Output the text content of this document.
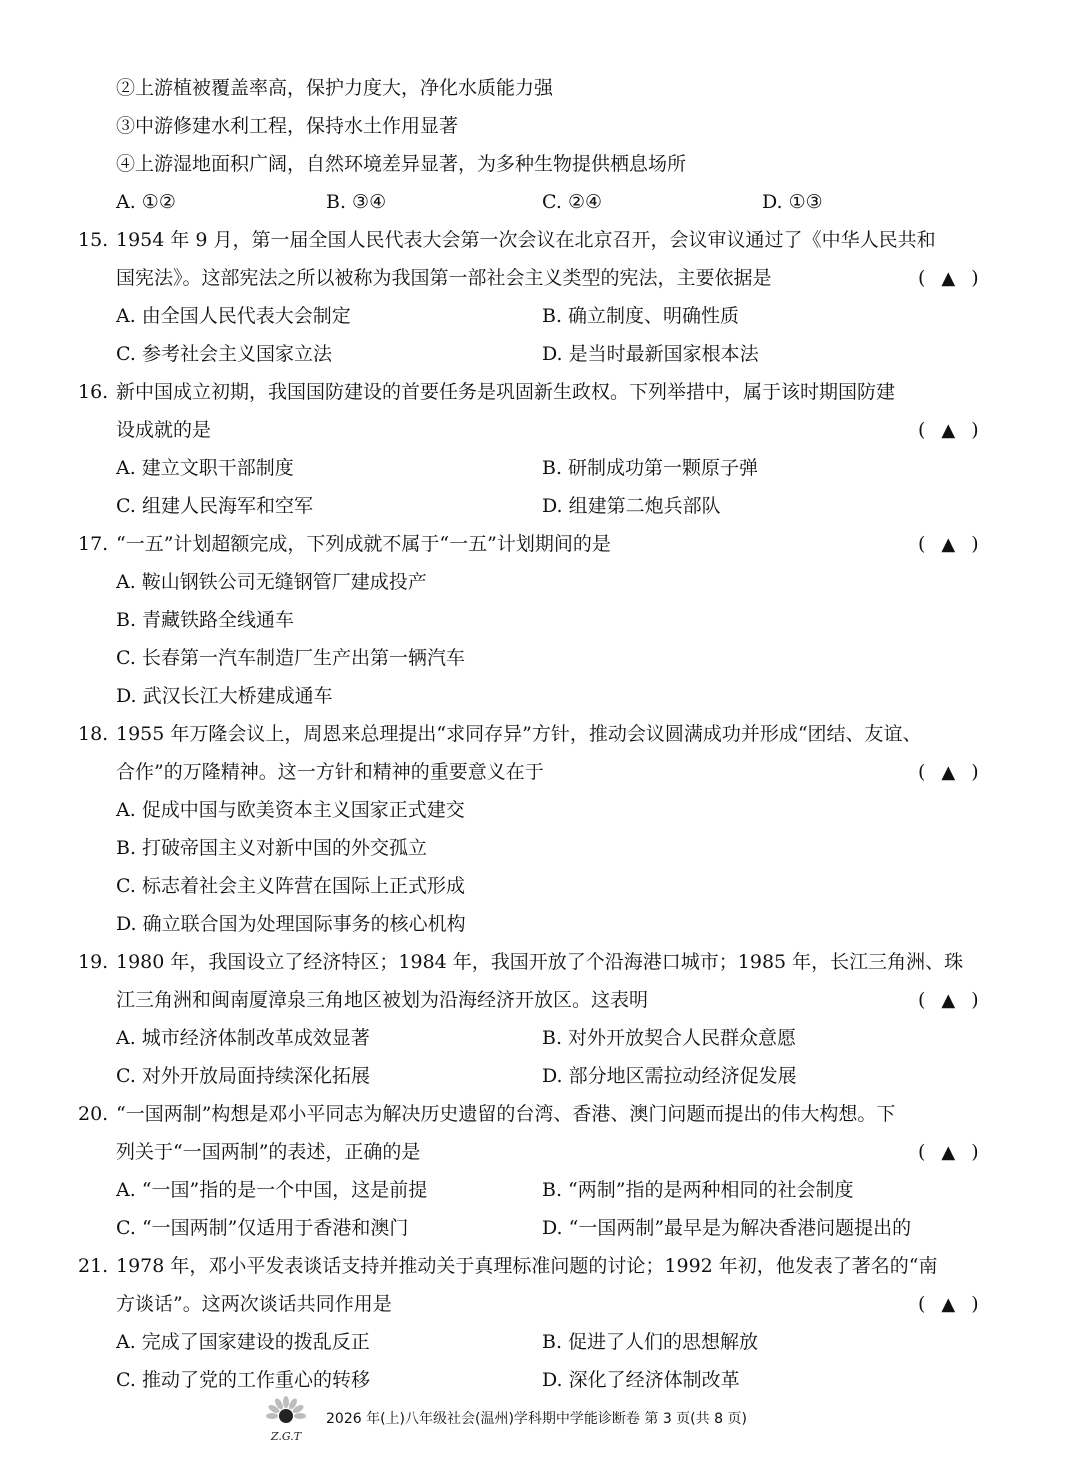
②上游植被覆盖率高，保护力度大，净化水质能力强
③中游修建水利工程，保持水土作用显著
④上游湿地面积广阔，自然环境差异显著，为多种生物提供栖息场所
A. ①②	B. ③④	C. ②④	D. ①③
15. 1954 年 9 月，第一届全国人民代表大会第一次会议在北京召开，会议审议通过了《中华人民共和
国宪法》。这部宪法之所以被称为我国第一部社会主义类型的宪法，主要依据是	( ▲ )
A. 由全国人民代表大会制定	B. 确立制度、明确性质
C. 参考社会主义国家立法	D. 是当时最新国家根本法
16. 新中国成立初期，我国国防建设的首要任务是巩固新生政权。下列举措中，属于该时期国防建
设成就的是	( ▲ )
A. 建立文职干部制度	B. 研制成功第一颗原子弹
C. 组建人民海军和空军	D. 组建第二炮兵部队
17. “一五”计划超额完成，下列成就不属于“一五”计划期间的是	( ▲ )
A. 鞍山钢铁公司无缝钢管厂建成投产
B. 青藏铁路全线通车
C. 长春第一汽车制造厂生产出第一辆汽车
D. 武汉长江大桥建成通车
18. 1955 年万隆会议上，周恩来总理提出“求同存异”方针，推动会议圆满成功并形成“团结、友谊、
合作”的万隆精神。这一方针和精神的重要意义在于	( ▲ )
A. 促成中国与欧美资本主义国家正式建交
B. 打破帝国主义对新中国的外交孤立
C. 标志着社会主义阵营在国际上正式形成
D. 确立联合国为处理国际事务的核心机构
19. 1980 年，我国设立了经济特区；1984 年，我国开放了个沿海港口城市；1985 年，长江三角洲、珠
江三角洲和闽南厦漳泉三角地区被划为沿海经济开放区。这表明	( ▲ )
A. 城市经济体制改革成效显著	B. 对外开放契合人民群众意愿
C. 对外开放局面持续深化拓展	D. 部分地区需拉动经济促发展
20. “一国两制”构想是邓小平同志为解决历史遗留的台湾、香港、澳门问题而提出的伟大构想。下
列关于“一国两制”的表述，正确的是	( ▲ )
A. “一国”指的是一个中国，这是前提	B. “两制”指的是两种相同的社会制度
C. “一国两制”仅适用于香港和澳门	D. “一国两制”最早是为解决香港问题提出的
21. 1978 年，邓小平发表谈话支持并推动关于真理标准问题的讨论；1992 年初，他发表了著名的“南
方谈话”。这两次谈话共同作用是	( ▲ )
A. 完成了国家建设的拨乱反正	B. 促进了人们的思想解放
C. 推动了党的工作重心的转移	D. 深化了经济体制改革
Z.G.T
2026 年(上)八年级社会(温州)学科期中学能诊断卷 第 3 页(共 8 页)
